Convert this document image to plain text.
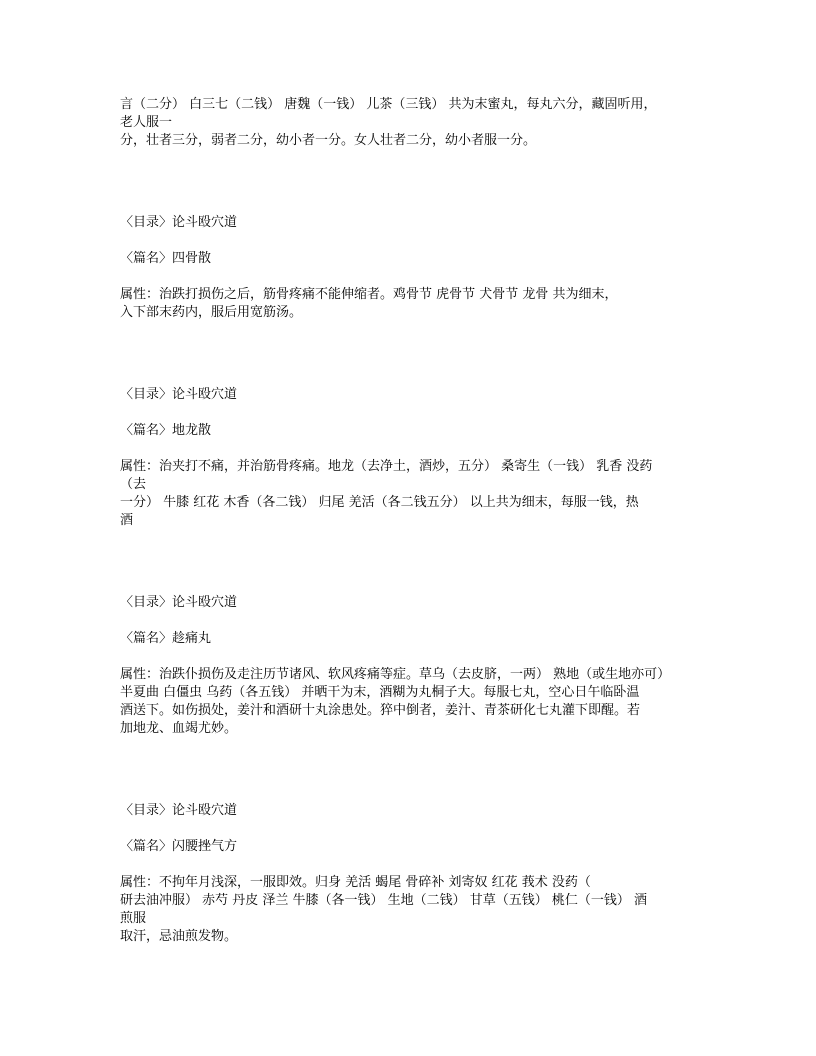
言（二分） 白三七（二钱） 唐魏（一钱） 儿茶（三钱） 共为末蜜丸，每丸六分，藏固听用，
老人服一
分，壮者三分，弱者二分，幼小者一分。女人壮者二分，幼小者服一分。
〈目录〉论斗殴穴道
〈篇名〉四骨散
属性：治跌打损伤之后，筋骨疼痛不能伸缩者。鸡骨节 虎骨节 犬骨节 龙骨 共为细末，
入下部末药内，服后用宽筋汤。
〈目录〉论斗殴穴道
〈篇名〉地龙散
属性：治夹打不痛，并治筋骨疼痛。地龙（去净土，酒炒，五分） 桑寄生（一钱） 乳香 没药
（去
一分） 牛膝 红花 木香（各二钱） 归尾 羌活（各二钱五分） 以上共为细末，每服一钱，热
酒
〈目录〉论斗殴穴道
〈篇名〉趁痛丸
属性：治跌仆损伤及走注历节诸风、软风疼痛等症。草乌（去皮脐，一两） 熟地（或生地亦可）
半夏曲 白僵虫 乌药（各五钱） 并晒干为末，酒糊为丸桐子大。每服七丸，空心日午临卧温
酒送下。如伤损处，姜汁和酒研十丸涂患处。猝中倒者，姜汁、青茶研化七丸灌下即醒。若
加地龙、血竭尤妙。
〈目录〉论斗殴穴道
〈篇名〉闪腰挫气方
属性：不拘年月浅深，一服即效。归身 羌活 蝎尾 骨碎补 刘寄奴 红花 莪术 没药（
研去油冲服） 赤芍 丹皮 泽兰 牛膝（各一钱） 生地（二钱） 甘草（五钱） 桃仁（一钱） 酒
煎服
取汗，忌油煎发物。
